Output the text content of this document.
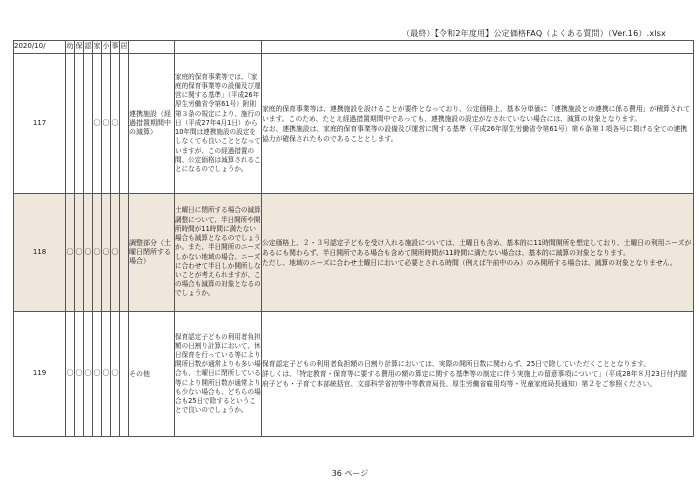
（最終）【令和2年度用】公定価格FAQ（よくある質問）（Ver.16）.xlsx
2020/10/	幼	保	認	家	小	事	居			
117				〇	〇	〇		連携施設（経過措置期間中の減算）	家庭的保育事業等では、「家庭的保育事業等の設備及び運営に関する基準」（平成26年厚生労働省令第61号）附則第３条の規定により、施行の日（平成27年4月1日）から10年間は連携施設の設定をしなくても良いこととなっていますが、この経過措置の間、公定価格は減算されることになるのでしょうか。	家庭的保育事業等は、連携施設を設けることが要件となっており、公定価格上、基本分単価に「連携施設との連携に係る費用」が積算されています。このため、たとえ経過措置期間中であっても、連携施設の設定がなされていない場合には、減算の対象となります。

なお、連携施設は、家庭的保育事業等の設備及び運営に関する基準（平成26年厚生労働省令第61号）第６条第１項各号に掲げる全ての連携協力が確保されたものであることとします。

118	〇	〇	〇	〇	〇	〇		調整部分（土曜日閉所する場合）	土曜日に閉所する場合の減算調整について、半日開所や開所時間が11時間に満たない場合も減算となるのでしょうか。また、半日開所のニーズしかない地域の場合、ニーズに合わせて半日しか開所しないことが考えられますが、この場合も減算の対象となるのでしょうか。	公定価格上、２・３号認定子どもを受け入れる施設については、土曜日も含め、基本的に11時間開所を想定しており、土曜日の利用ニーズがあるにも関わらず、半日開所である場合も含めて開所時間が11時間に満たない場合は、基本的に減算の対象となります。

ただし、地域のニーズに合わせ土曜日において必要とされる時間（例えば午前中のみ）のみ開所する場合は、減算の対象となりません。

119	〇	〇	〇	〇	〇	〇		その他	保育認定子どもの利用者負担額の日割り計算において、休日保育を行っている等により開所日数が通常よりも多い場合も、土曜日に閉所している等により開所日数が通常よりも少ない場合も、どちらの場合も25日で除するということで良いのでしょうか。	保育認定子どもの利用者負担額の日割り計算においては、実際の開所日数に関わらず、25日で除していただくこととなります。

詳しくは、「特定教育・保育等に要する費用の額の算定に関する基準等の制定に伴う実施上の留意事項について」（平成28年８月23日付内閣府子ども・子育て本部統括官、文部科学省初等中等教育局長、厚生労働省雇用均等・児童家庭局長通知）第２をご参照ください。

36 ページ
